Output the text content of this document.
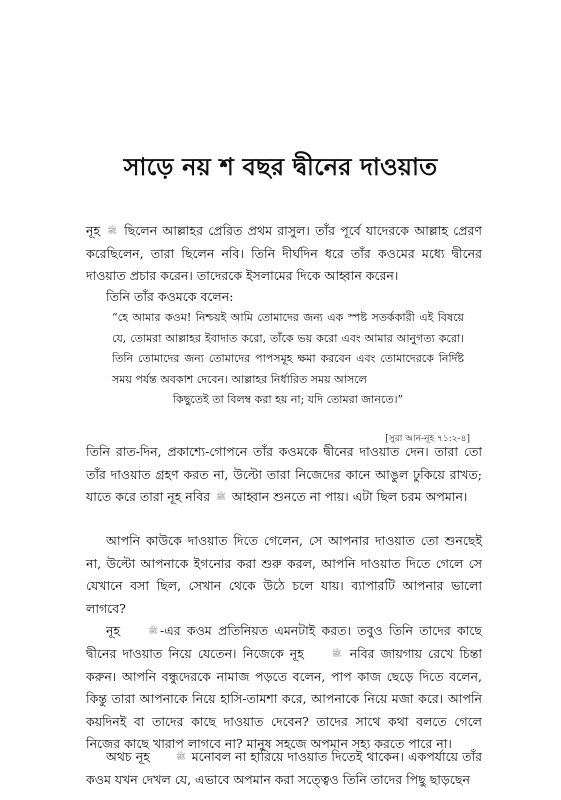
সাড়ে নয় শ বছর দ্বীনের দাওয়াত
নূহ ﷺ ছিলেন আল্লাহর প্রেরিত প্রথম রাসুল। তাঁর পূর্বে যাদেরকে আল্লাহ প্রেরণ করেছিলেন, তারা ছিলেন নবি। তিনি দীর্ঘদিন ধরে তাঁর কওমের মধ্যে দ্বীনের দাওয়াত প্রচার করেন। তাদেরকে ইসলামের দিকে আহ্বান করেন।
তিনি তাঁর কওমকে বলেন:
“হে আমার কওম! নিশ্চয়ই আমি তোমাদের জন্য এক স্পষ্ট সতর্ককারী এই বিষয়ে যে, তোমরা আল্লাহর ইবাদাত করো, তাঁকে ভয় করো এবং আমার আনুগত্য করো। তিনি তোমাদের জন্য তোমাদের পাপসমূহ ক্ষমা করবেন এবং তোমাদেরকে নির্দিষ্ট সময় পর্যন্ত অবকাশ দেবেন। আল্লাহর নির্ধারিত সময় আসলে
কিছুতেই তা বিলম্ব করা হয় না; যদি তোমরা জানতে।”
[সুরা আন-নূহ ৭১:২-৪]
তিনি রাত-দিন, প্রকাশ্যে-গোপনে তাঁর কওমকে দ্বীনের দাওয়াত দেন। তারা তো তাঁর দাওয়াত গ্রহণ করত না, উল্টো তারা নিজেদের কানে আঙুল ঢুকিয়ে রাখত; যাতে করে তারা নূহ নবির ﷺ আহ্বান শুনতে না পায়। এটা ছিল চরম অপমান।
আপনি কাউকে দাওয়াত দিতে গেলেন, সে আপনার দাওয়াত তো শুনছেই না, উল্টো আপনাকে ইগনোর করা শুরু করল, আপনি দাওয়াত দিতে গেলে সে যেখানে বসা ছিল, সেখান থেকে উঠে চলে যায়। ব্যাপারটি আপনার ভালো লাগবে?
নূহ	ﷺ -এর কওম প্রতিনিয়ত এমনটাই করত। তবুও তিনি তাদের কাছে দ্বীনের দাওয়াত নিয়ে যেতেন। নিজেকে নূহ	ﷺ নবির জায়গায় রেখে চিন্তা করুন। আপনি বন্ধুদেরকে নামাজ পড়তে বলেন, পাপ কাজ ছেড়ে দিতে বলেন, কিন্তু তারা আপনাকে নিয়ে হাসি-তামশা করে, আপনাকে নিয়ে মজা করে। আপনি কয়দিনই বা তাদের কাছে দাওয়াত দেবেন? তাদের সাথে কথা বলতে গেলে নিজের কাছে খারাপ লাগবে না? মানুষ সহজে অপমান সহ্য করতে পারে না।
অথচ নূহ	ﷺ মনোবল না হারিয়ে দাওয়াত দিতেই থাকেন। একপর্যায়ে তাঁর কওম যখন দেখল যে, এভাবে অপমান করা সত্ত্বেও তিনি তাদের পিছু ছাড়ছেন
